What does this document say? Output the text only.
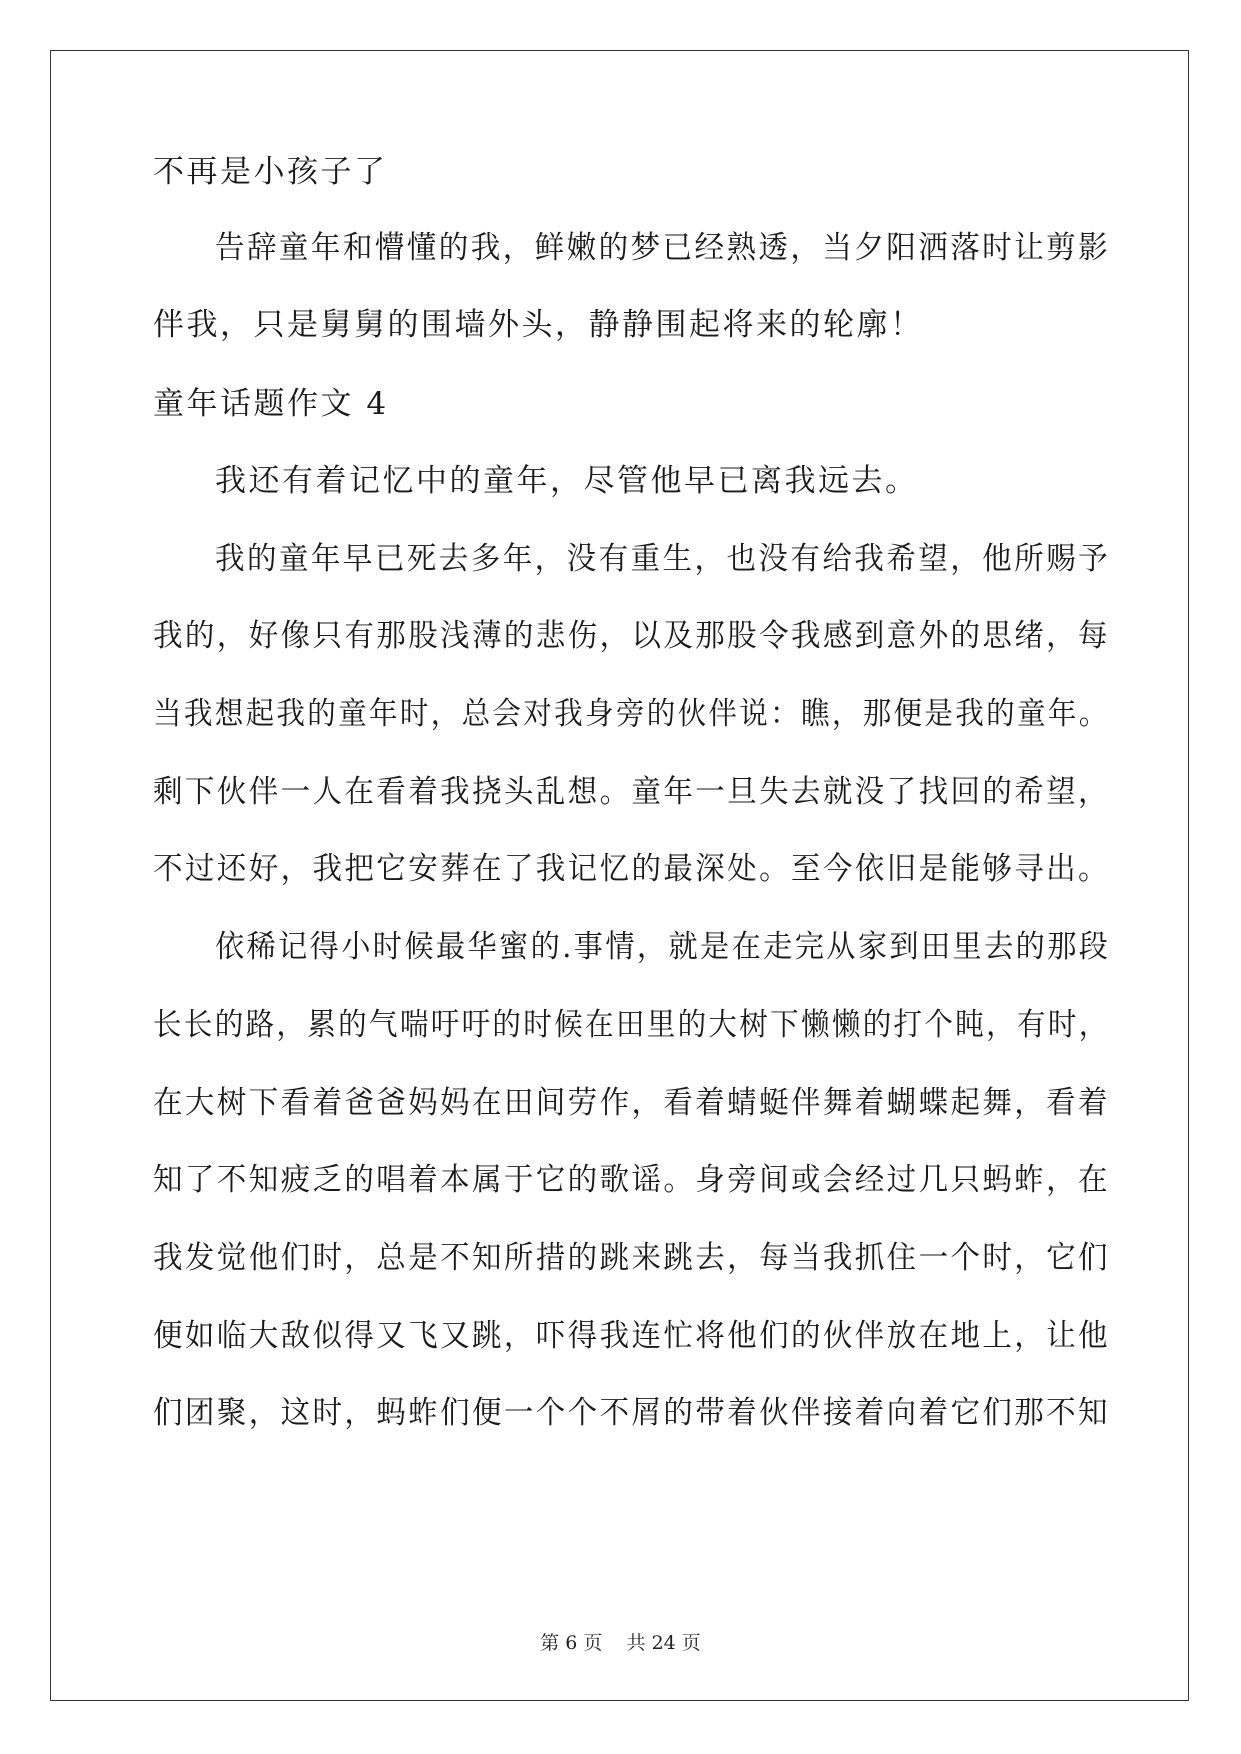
不再是小孩子了
告辞童年和懵懂的我，鲜嫩的梦已经熟透，当夕阳洒落时让剪影
伴我，只是舅舅的围墙外头，静静围起将来的轮廓！
童年话题作文 4
我还有着记忆中的童年，尽管他早已离我远去。
我的童年早已死去多年，没有重生，也没有给我希望，他所赐予
我的，好像只有那股浅薄的悲伤，以及那股令我感到意外的思绪，每
当我想起我的童年时，总会对我身旁的伙伴说：瞧，那便是我的童年。
剩下伙伴一人在看着我挠头乱想。童年一旦失去就没了找回的希望，
不过还好，我把它安葬在了我记忆的最深处。至今依旧是能够寻出。
依稀记得小时候最华蜜的.事情，就是在走完从家到田里去的那段
长长的路，累的气喘吁吁的时候在田里的大树下懒懒的打个盹，有时，
在大树下看着爸爸妈妈在田间劳作，看着蜻蜓伴舞着蝴蝶起舞，看着
知了不知疲乏的唱着本属于它的歌谣。身旁间或会经过几只蚂蚱，在
我发觉他们时，总是不知所措的跳来跳去，每当我抓住一个时，它们
便如临大敌似得又飞又跳，吓得我连忙将他们的伙伴放在地上，让他
们团聚，这时，蚂蚱们便一个个不屑的带着伙伴接着向着它们那不知
第 6 页    共 24 页
